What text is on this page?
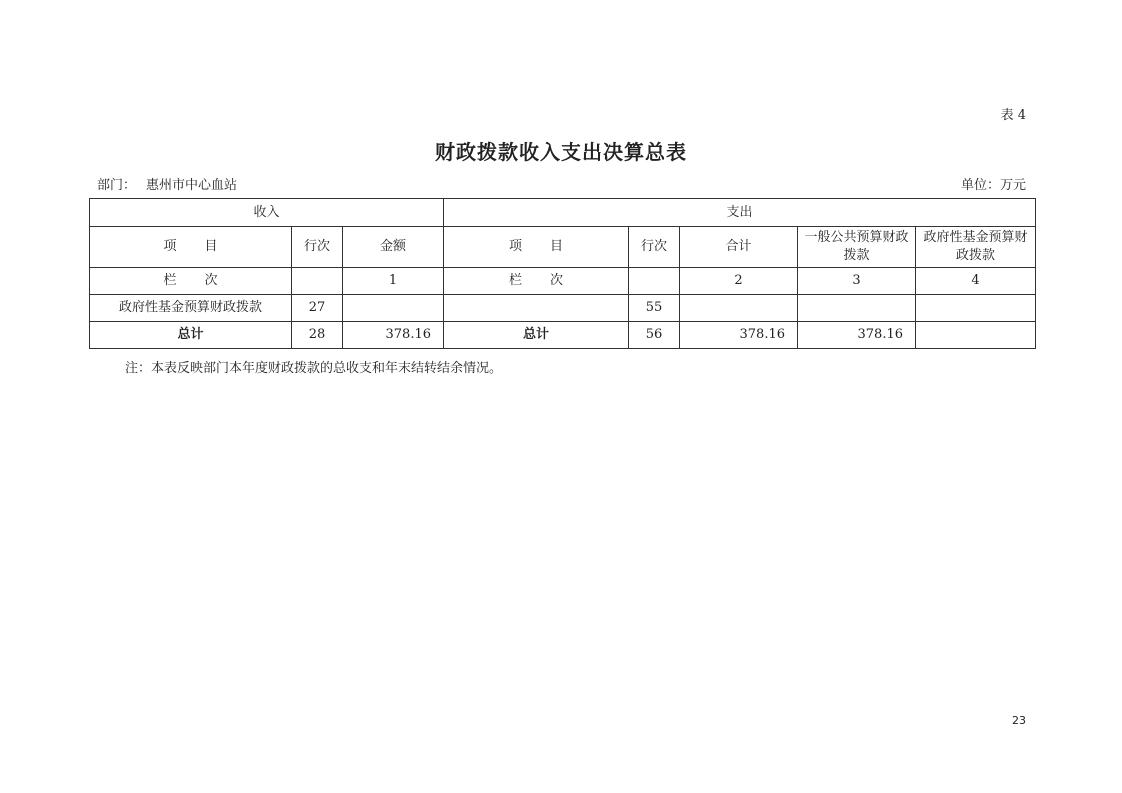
表 4
财政拨款收入支出决算总表
部门： 惠州市中心血站	单位：万元
收入			支出				
项 目	行次	金额	项 目	行次	合计	一般公共预算财政拨款	政府性基金预算财政拨款
栏 次		1	栏 次		2	3	4
政府性基金预算财政拨款	27			55			
总计	28	378.16	总计	56	378.16	378.16	
注：本表反映部门本年度财政拨款的总收支和年末结转结余情况。
23
